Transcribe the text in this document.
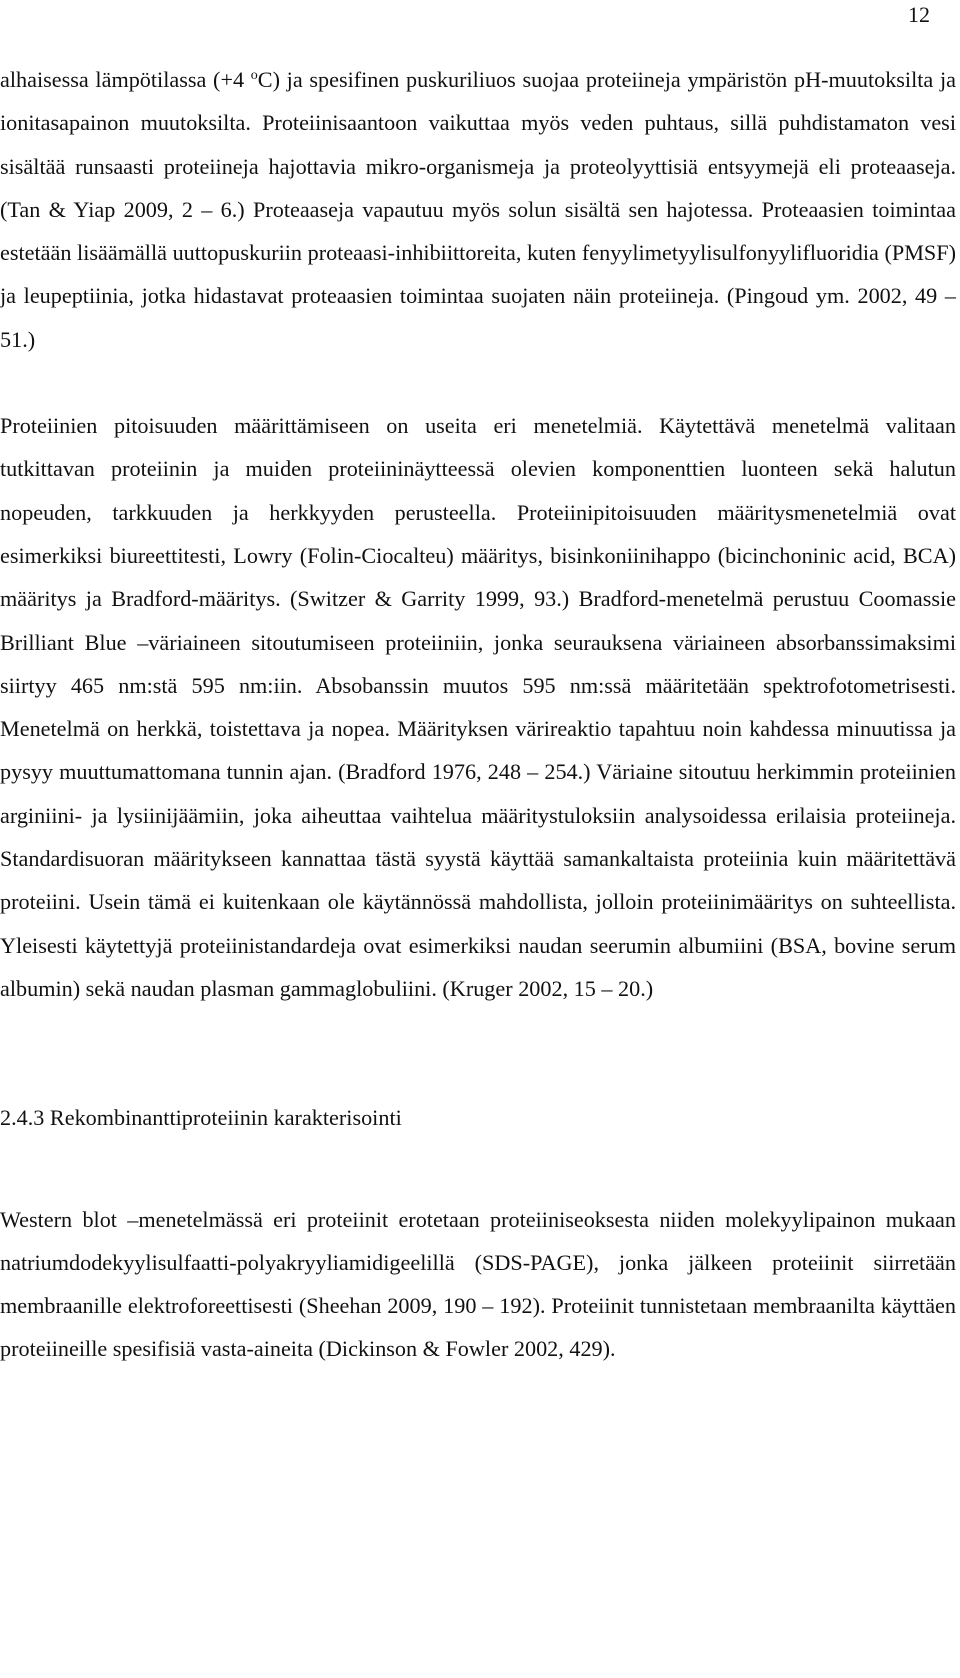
12

alhaisessa lämpötilassa (+4 $^o$C) ja spesifinen puskuriliuos suojaa proteiineja ympäristön pH-muutoksilta ja ionitasapainon muutoksilta. Proteiinisaantoon vaikuttaa myös veden puhtaus, sillä puhdistamaton vesi sisältää runsaasti proteiineja hajottavia mikro-organismeja ja proteolyyttisiä entsyymejä eli proteaaseja. (Tan & Yiap 2009, 2 – 6.) Proteaaseja vapautuu myös solun sisältä sen hajotessa. Proteaasien toimintaa estetään lisäämällä uuttopuskuriin proteaasi-inhibiittoreita, kuten fenyylimetyylisulfonyylifluoridia (PMSF) ja leupeptiinia, jotka hidastavat proteaasien toimintaa suojaten näin proteiineja. (Pingoud ym. 2002, 49 – 51.)

Proteiinien pitoisuuden määrittämiseen on useita eri menetelmiä. Käytettävä menetelmä valitaan tutkittavan proteiinin ja muiden proteiininäytteessä olevien komponenttien luonteen sekä halutun nopeuden, tarkkuuden ja herkkyyden perusteella. Proteiinipitoisuuden määritysmenetelmiä ovat esimerkiksi biureettitesti, Lowry (Folin-Ciocalteu) määritys, bisinkoniinihappo (bicinchoninic acid, BCA) määritys ja Bradford-määritys. (Switzer & Garrity 1999, 93.) Bradford-menetelmä perustuu Coomassie Brilliant Blue –väriaineen sitoutumiseen proteiiniin, jonka seurauksena väriaineen absorbanssimaksimi siirtyy 465 nm:stä 595 nm:iin. Absobanssin muutos 595 nm:ssä määritetään spektrofotometrisesti. Menetelmä on herkkä, toistettava ja nopea. Määrityksen värireaktio tapahtuu noin kahdessa minuutissa ja pysyy muuttumattomana tunnin ajan. (Bradford 1976, 248 – 254.) Väriaine sitoutuu herkimmin proteiinien arginiini- ja lysiinijäämiin, joka aiheuttaa vaihtelua määritystuloksiin analysoidessa erilaisia proteiineja. Standardisuoran määritykseen kannattaa tästä syystä käyttää samankaltaista proteiinia kuin määritettävä proteiini. Usein tämä ei kuitenkaan ole käytännössä mahdollista, jolloin proteiinimääritys on suhteellista. Yleisesti käytettyjä proteiinistandardeja ovat esimerkiksi naudan seerumin albumiini (BSA, bovine serum albumin) sekä naudan plasman gammaglobuliini. (Kruger 2002, 15 – 20.)

2.4.3 Rekombinanttiproteiinin karakterisointi

Western blot –menetelmässä eri proteiinit erotetaan proteiiniseoksesta niiden molekyylipainon mukaan natriumdodekyylisulfaatti-polyakryyliamidigeelillä (SDS-PAGE), jonka jälkeen proteiinit siirretään membraanille elektroforeettisesti (Sheehan 2009, 190 – 192). Proteiinit tunnistetaan membraanilta käyttäen proteiineille spesifisiä vasta-aineita (Dickinson & Fowler 2002, 429).
